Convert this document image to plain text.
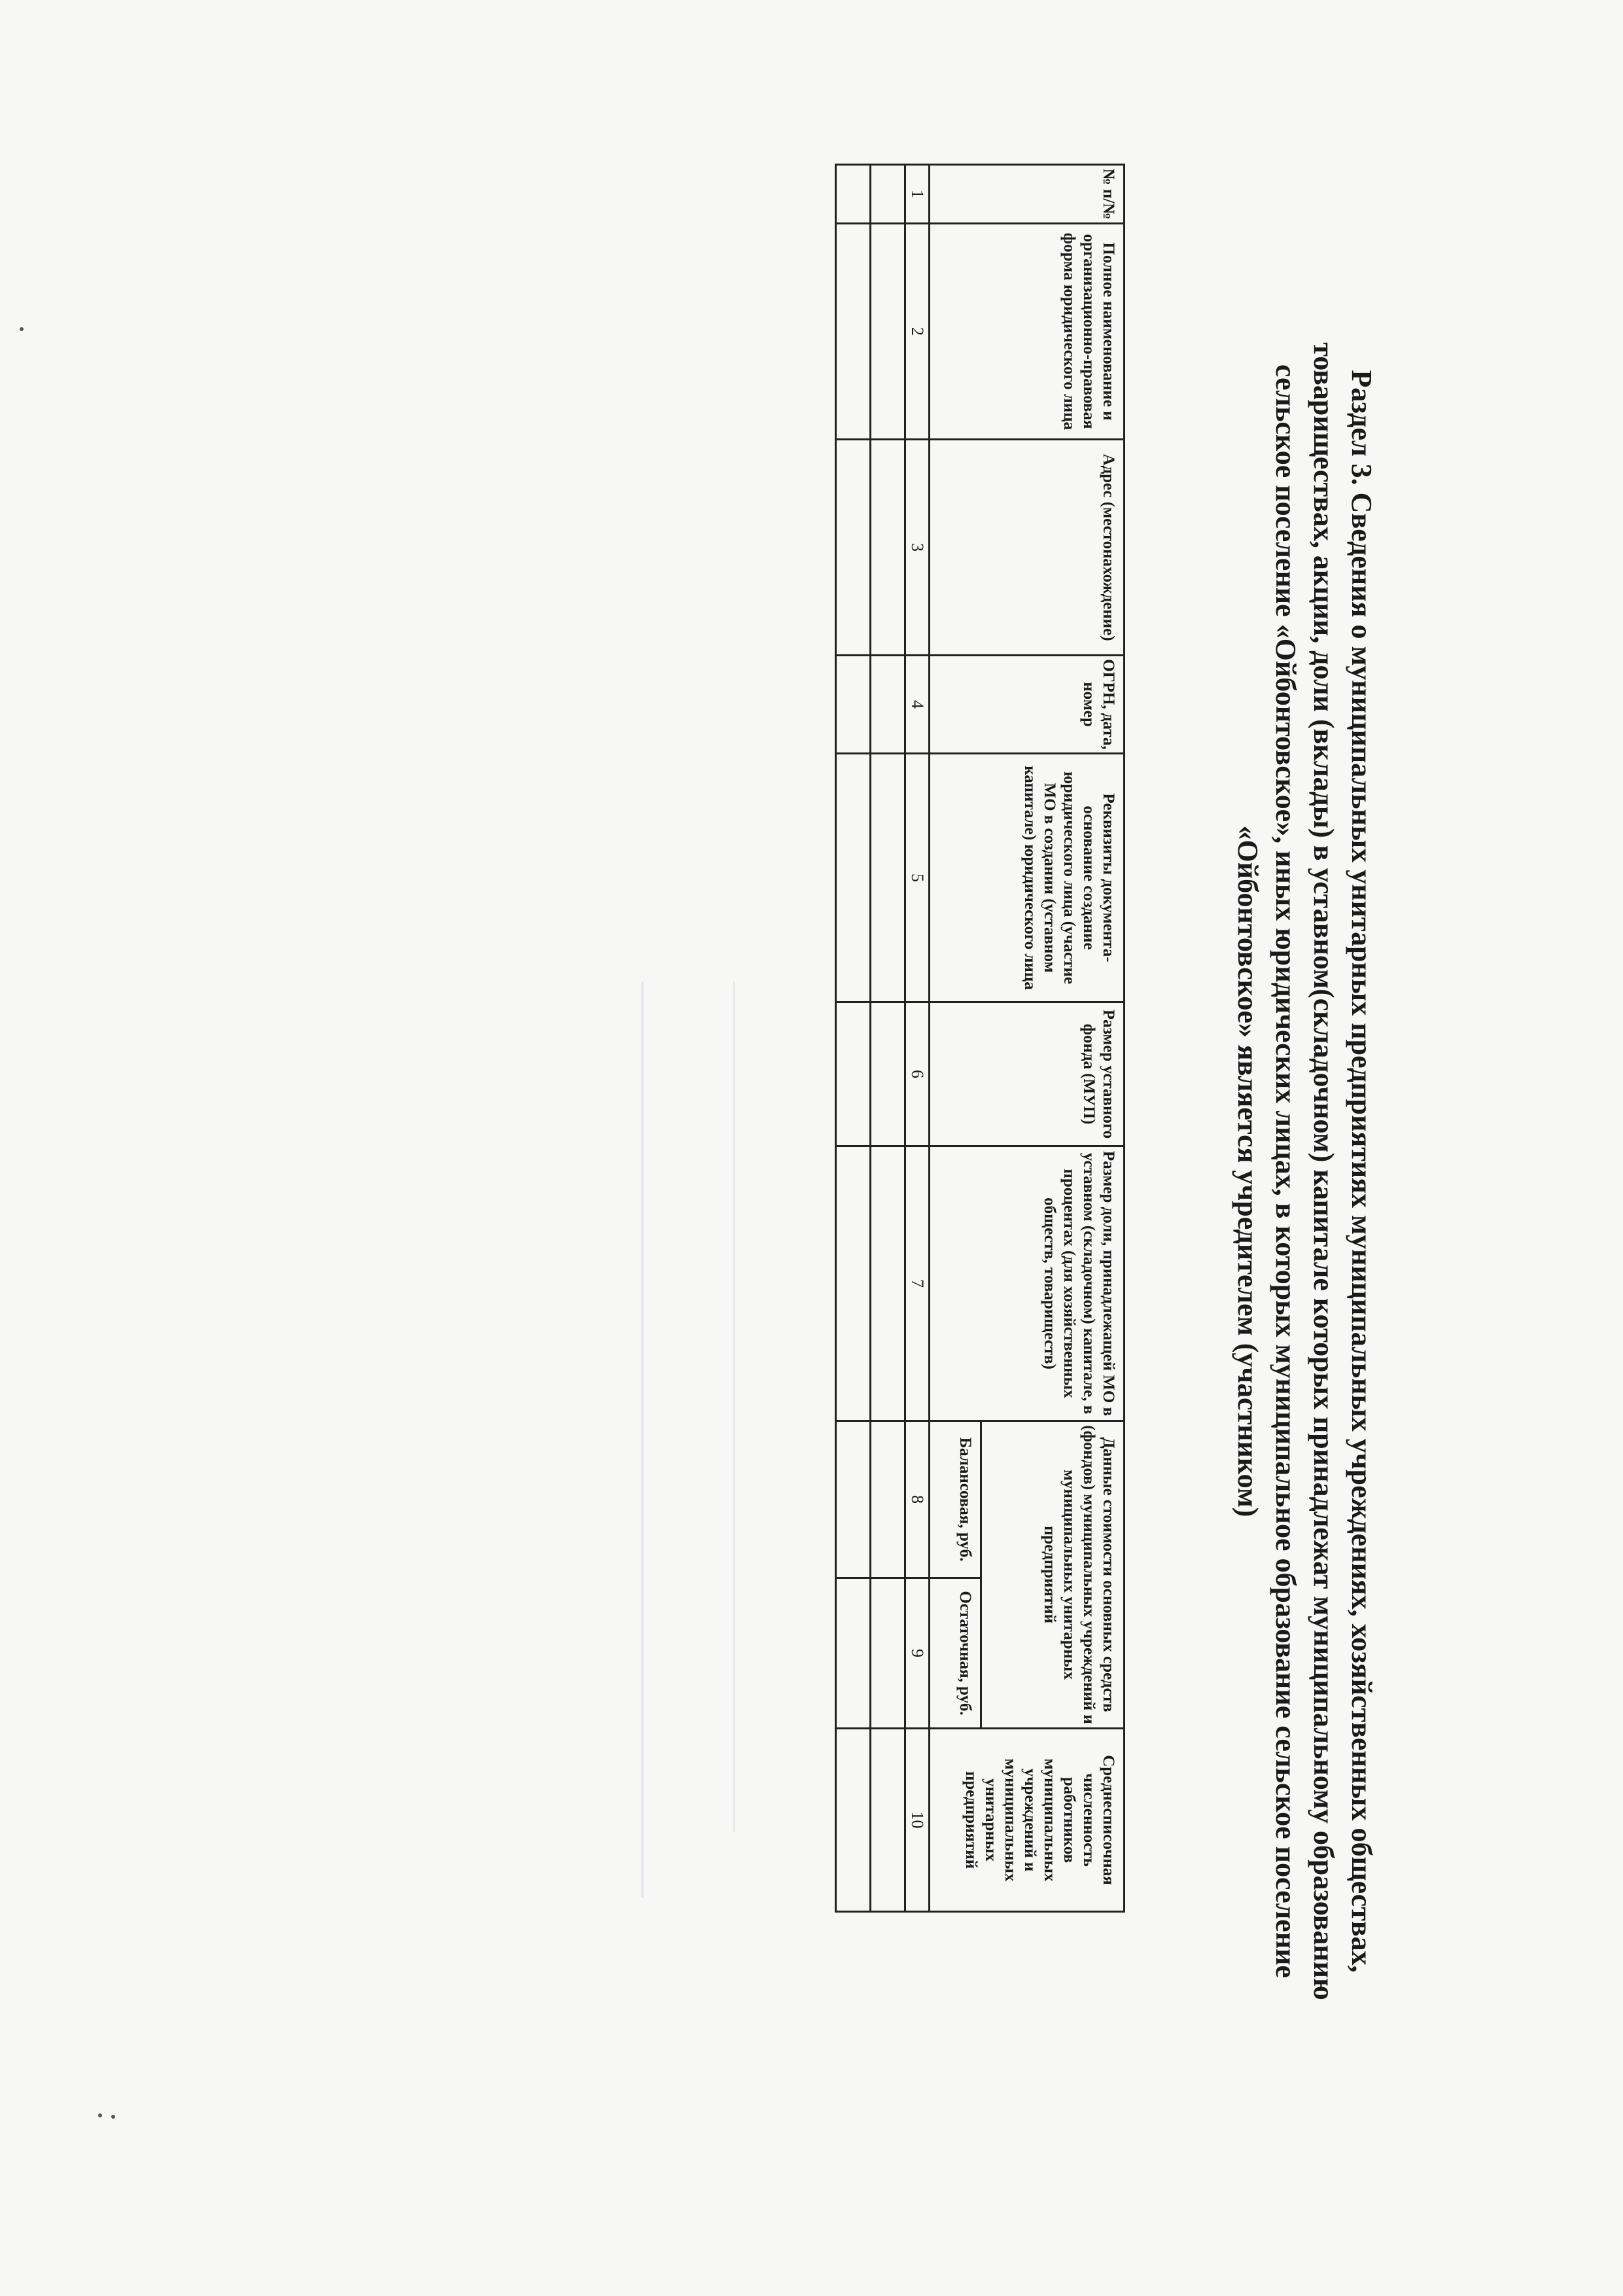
Раздел 3. Сведения о муниципальных унитарных предприятиях муниципальных учреждениях, хозяйственных обществах,
товариществах, акции, доли (вклады) в уставном(складочном) капитале которых принадлежат муниципальному образованию
сельское поселение «Ойбонтовское», иных юридических лицах, в которых муниципальное образование сельское поселение
«Ойбонтовское» является учредителем (участником)
№ п/№	Полное наименование и организационно-правовая форма юридического лица	Адрес (местонахождение)	ОГРН, дата, номер	Реквизиты документа-основание создание юридического лица (участие МО в создании (уставном капитале) юридического лица	Размер уставного фонда (МУП)	Размер доли, принадлежащей МО в уставном (складочном) капитале, в процентах (для хозяйственных обществ, товариществ)	Данные стоимости основных средств (фондов) муниципальных учреждений и муниципальных унитарных предприятий		Среднесписочная численность работников муниципальных учреждений и муниципальных унитарных предприятий
							Балансовая, руб.	Остаточная, руб.	
1	2	3	4	5	6	7	8	9	10
